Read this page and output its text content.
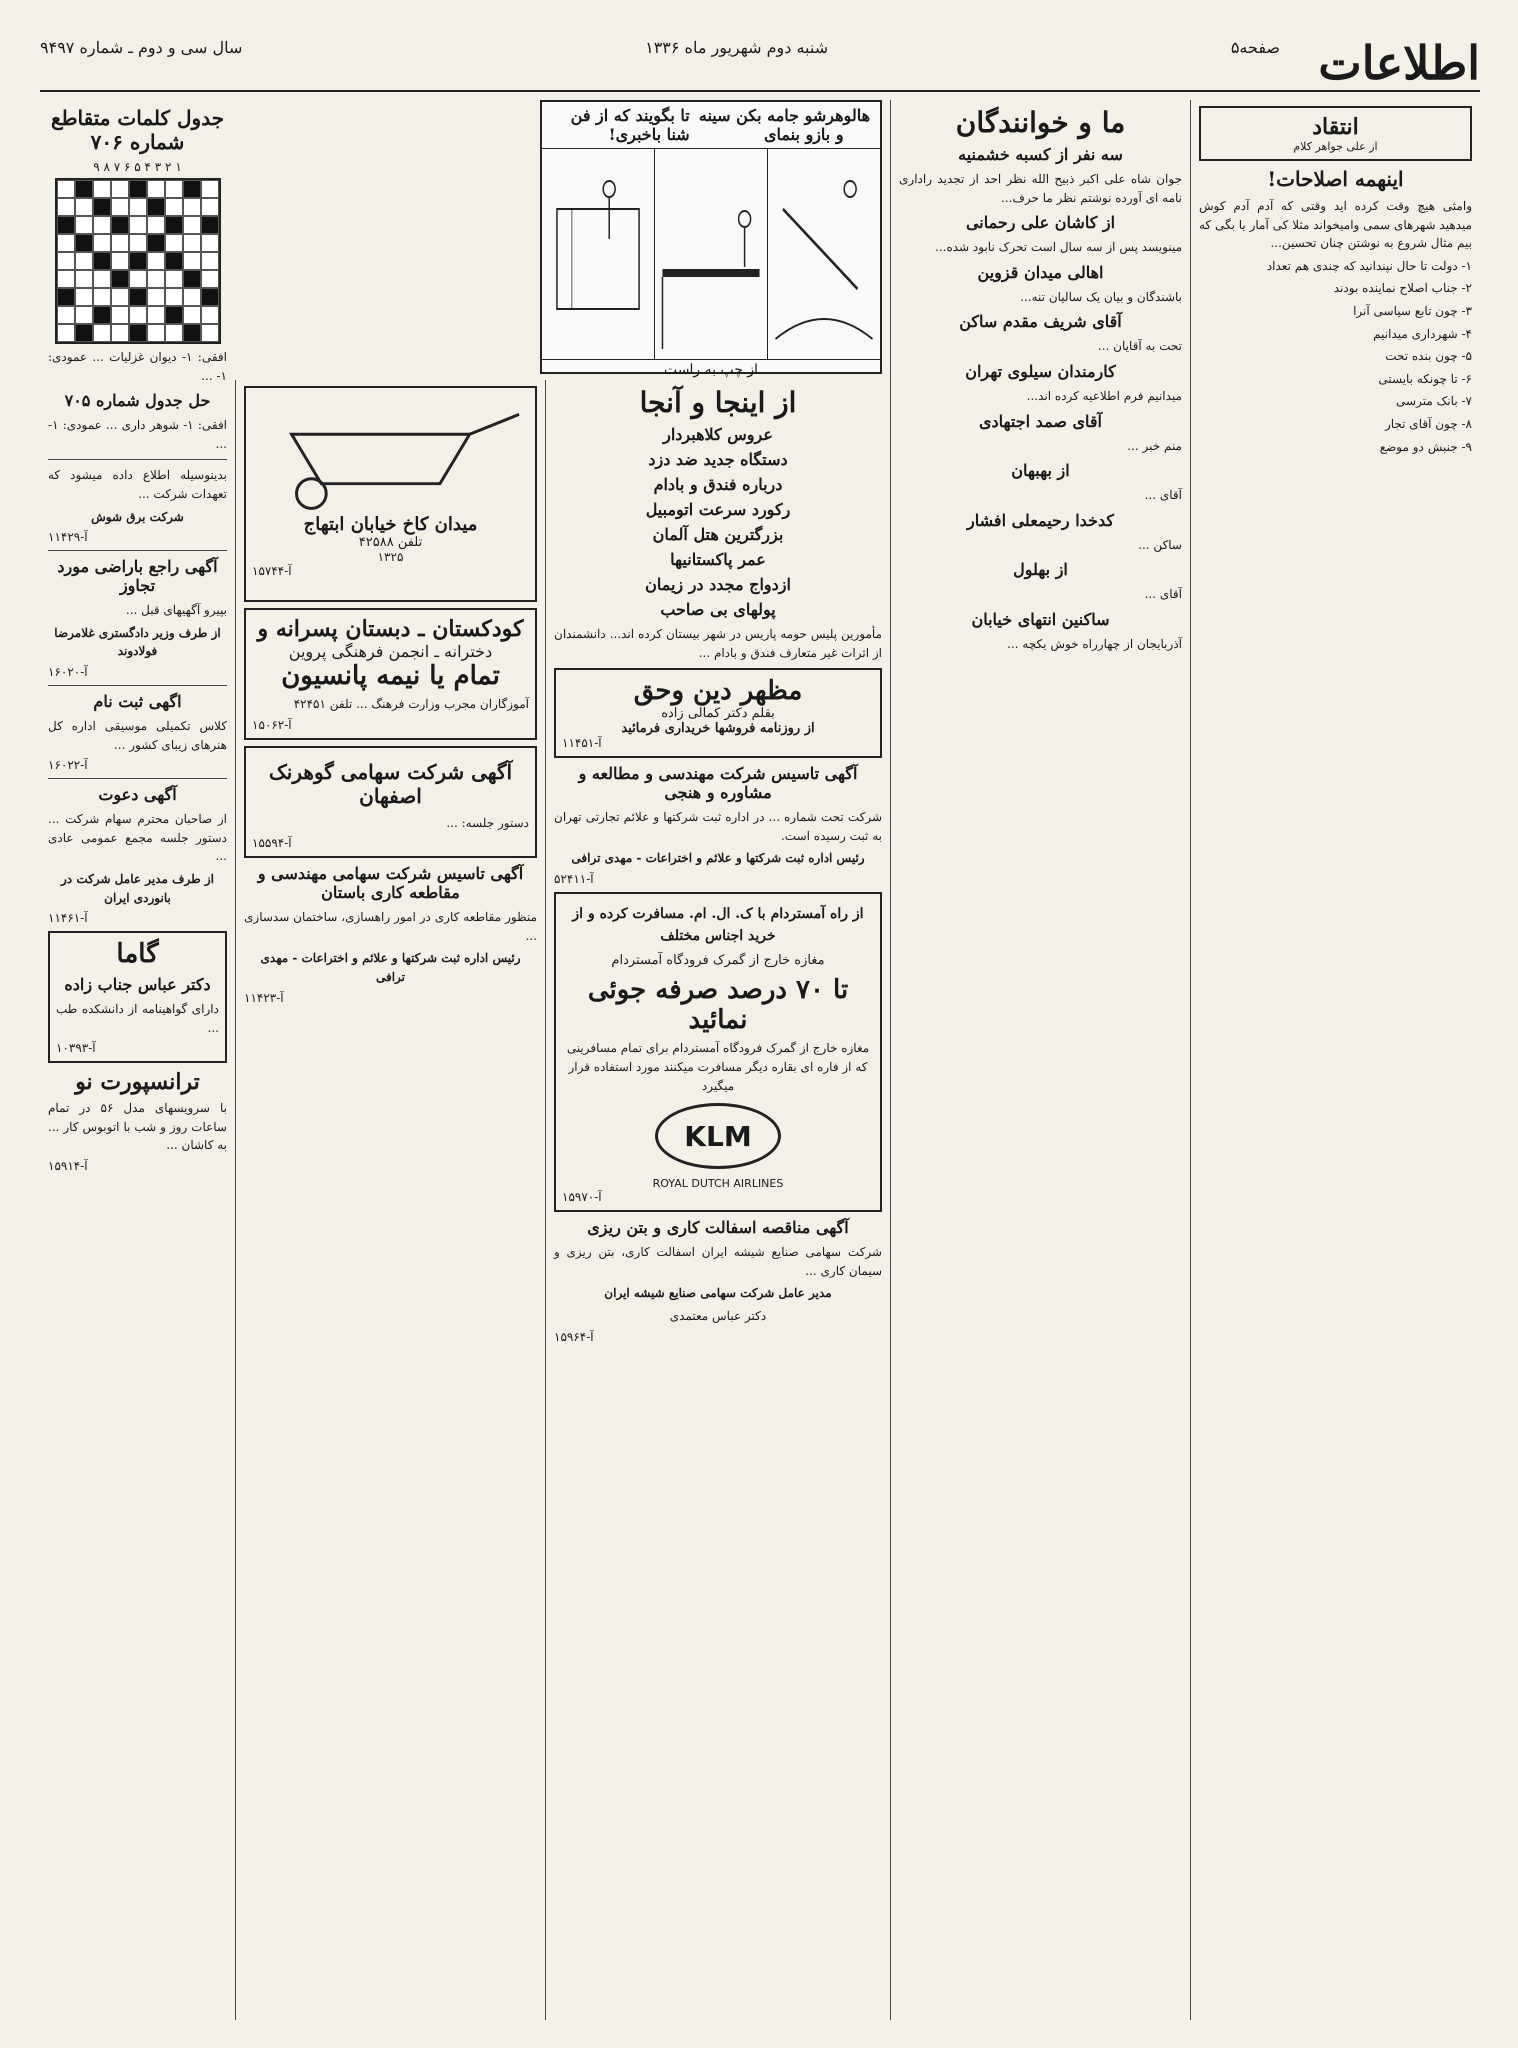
اطلاعات
صفحه۵
شنبه دوم شهریور ماه ۱۳۳۶
سال سی و دوم ـ شماره ۹۴۹۷
انتقاد
از علی جواهر کلام
اینهمه اصلاحات!

وامثی هیچ وقت کرده اید وقتی که آدم آدم کوش میدهید شهرهای سمی وامیخواند مثلا کی آمار یا بگی که بیم مثال شروع به نوشتن چنان تحسین...

۱- دولت تا حال نپندانید که چندی هم تعداد

۲- جناب اصلاح نماینده بودند

۳- چون تابع سیاسی آنرا

۴- شهرداری میدانیم

۵- چون بنده تحت

۶- تا چونکه بایستی

۷- بانک مترسی

۸- چون آقای تجار

۹- جنبش دو موضع

ما و خوانندگان
سه نفر از کسبه خشمنیه

جوان شاه علی اکبر ذبیح الله نظر احد از تجدید راداری نامه ای آورده نوشتم نظر ما حرف...

از کاشان علی رحمانی

مینویسد پس از سه سال است تحرک نابود شده...

اهالی میدان قزوین

باشندگان و بیان یک سالیان تنه...

آقای شریف مقدم ساکن

تحت به آقایان ...

کارمندان سیلوی تهران

میدانیم فرم اطلاعیه کرده اند...

آقای صمد اجتهادی

منم خبر ...

از بهبهان

آقای ...

کدخدا رحیمعلی افشار

ساکن ...

از بهلول

آقای ...

ساکنین انتهای خیابان

آذربایجان از چهارراه خوش یکچه ...

هالو
هرشو جامه بکن سینه و بازو بنمای
تا بگویند که از فن شنا باخبری!
از چپ به راست
از اینجا و آنجا
عروس کلاهبردار
دستگاه جدید ضد دزد
درباره فندق و بادام
رکورد سرعت اتومبیل
بزرگترین هتل آلمان
عمر پاکستانیها
ازدواج مجدد در زیمان
پولهای بی صاحب

مأمورین پلیس حومه پاریس در شهر بیستان کرده اند... دانشمندان از اثرات غیر متعارف فندق و بادام ...

مظهر دین وحق
بقلم دکتر کمالی زاده
از روزنامه فروشها خریداری فرمائید
آ-۱۱۴۵۱
آگهی تاسیس شرکت مهندسی و مطالعه و مشاوره و هنجی

شرکت تحت شماره ... در اداره ثبت شرکتها و علائم تجارتی تهران به ثبت رسیده است.

رئیس اداره ثبت شرکتها و علائم و اختراعات - مهدی ترافی

آ-۵۲۴۱۱

از راه آمستردام با ک. ال. ام. مسافرت کرده و از خرید اجناس مختلف

مغازه خارج از گمرک فرودگاه آمستردام

تا ۷۰ درصد صرفه جوئی نمائید

مغازه خارج از گمرک فرودگاه آمستردام برای تمام مسافرینی که از فاره ای بقاره دیگر مسافرت میکنند مورد استفاده قرار میگیرد

KLM
ROYAL DUTCH AIRLINES
آ-۱۵۹۷۰
آگهی مناقصه اسفالت کاری و بتن ریزی

شرکت سهامی صنایع شیشه ایران اسفالت کاری، بتن ریزی و سیمان کاری ...

مدیر عامل شرکت سهامی صنایع شیشه ایران

دکتر عباس معتمدی

آ-۱۵۹۶۴
میدان کاخ خیابان ابتهاج
تلفن ۴۲۵۸۸
۱۳۲۵
آ-۱۵۷۴۴
کودکستان ـ دبستان پسرانه و
دخترانه ـ انجمن فرهنگی پروین
تمام یا نیمه پانسیون

آموزگاران مجرب وزارت فرهنگ ... تلفن ۴۲۴۵۱

آ-۱۵۰۶۲
آگهی شرکت سهامی گوهرنک اصفهان

دستور جلسه: ...

آ-۱۵۵۹۴
آگهی تاسیس شرکت سهامی مهندسی و مقاطعه کاری باستان

منظور مقاطعه کاری در امور راهسازی، ساختمان سدسازی ...

رئیس اداره ثبت شرکتها و علائم و اختراعات - مهدی ترافی

آ-۱۱۴۲۳
جدول کلمات متقاطع شماره ۷۰۶
۹ ۸ ۷ ۶ ۵ ۴ ۳ ۲ ۱

افقی: ۱- دیوان غزلیات ... عمودی: ۱- ...

حل جدول شماره ۷۰۵

افقی: ۱- شوهر داری ... عمودی: ۱- ...

بدینوسیله اطلاع داده میشود که تعهدات شرکت ...

شرکت برق شوش

آ-۱۱۴۲۹
آگهی راجع باراضی مورد تجاوز

بپیرو آگهیهای قبل ...

از طرف وزیر دادگستری غلامرضا فولادوند

آ-۱۶۰۲۰
اگهی ثبت نام

کلاس تکمیلی موسیقی اداره کل هنرهای زیبای کشور ...

آ-۱۶۰۲۲
آگهی دعوت

از صاحبان محترم سهام شرکت ... دستور جلسه مجمع عمومی عادی ...

از طرف مدیر عامل شرکت در بانوردی ایران

آ-۱۱۴۶۱
گاما
دکتر عباس جناب زاده

دارای گواهینامه از دانشکده طب ...

آ-۱۰۳۹۳
ترانسپورت نو

با سرویسهای مدل ۵۶ در تمام ساعات روز و شب با اتوبوس کار ... به کاشان ...

آ-۱۵۹۱۴
